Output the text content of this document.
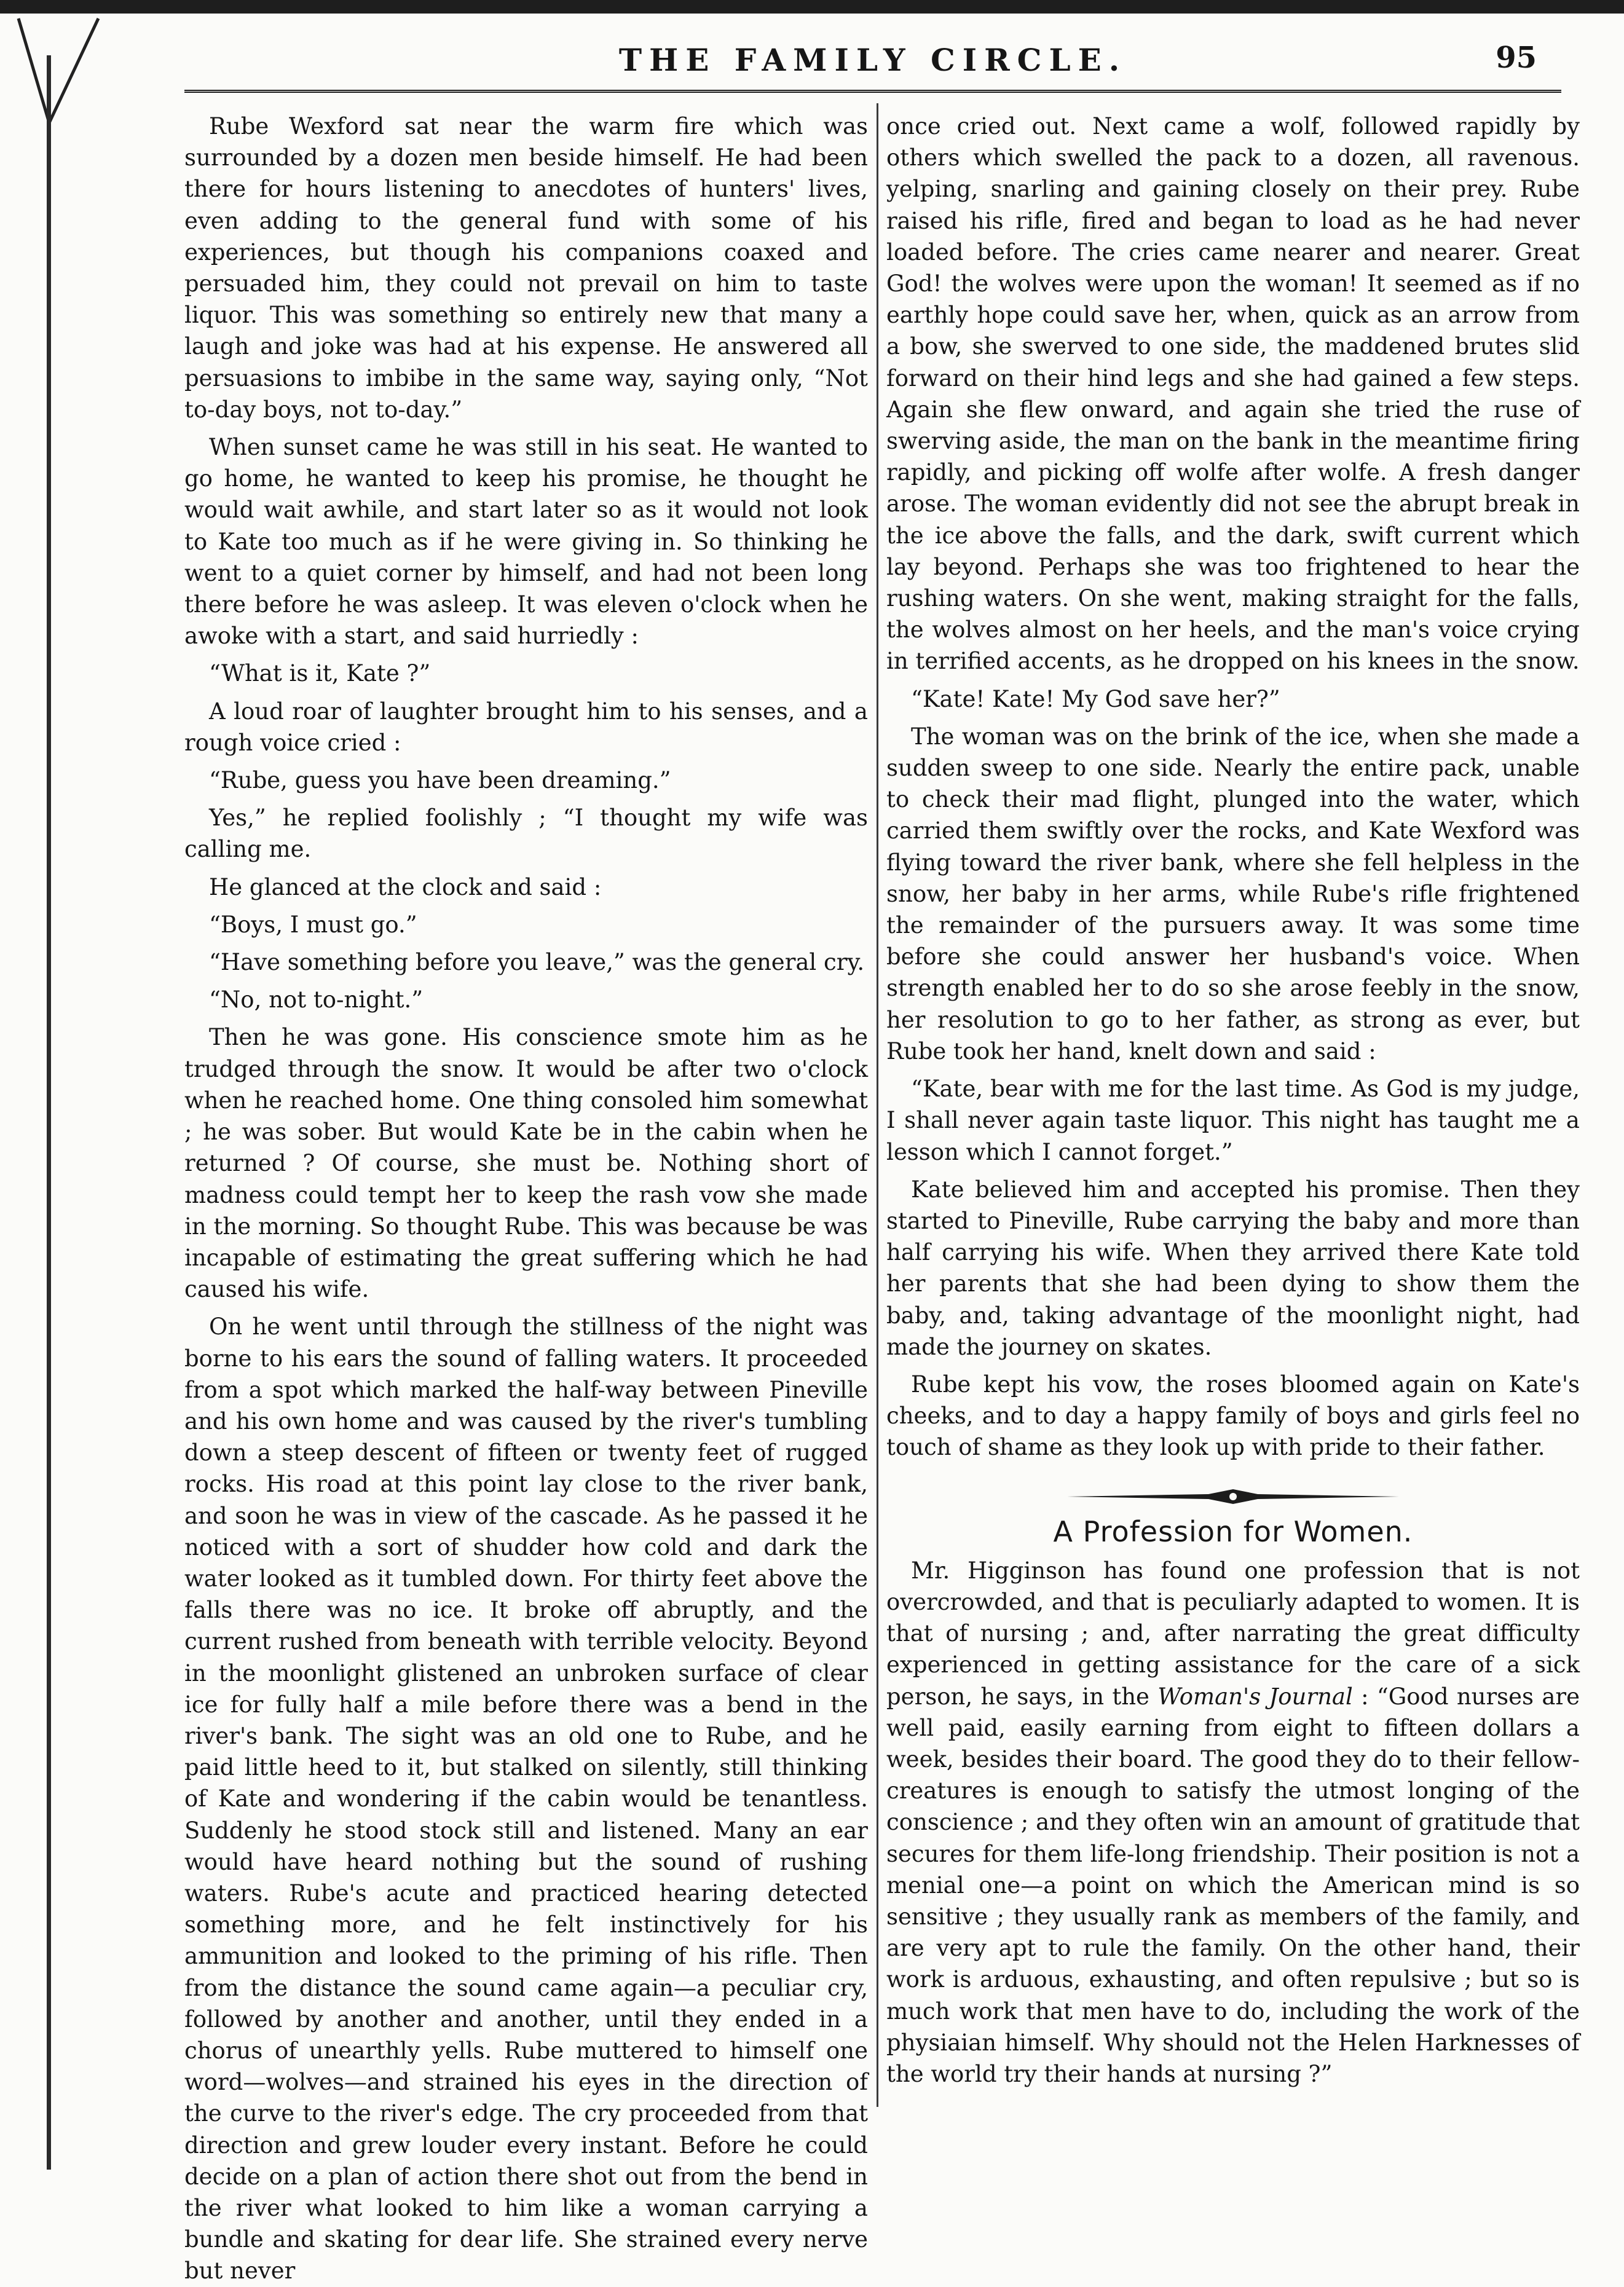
THE FAMILY CIRCLE.	95

Rube Wexford sat near the warm fire which was surrounded by a dozen men beside himself. He had been there for hours listening to anecdotes of hunters' lives, even adding to the general fund with some of his experiences, but though his companions coaxed and persuaded him, they could not prevail on him to taste liquor. This was something so entirely new that many a laugh and joke was had at his expense. He answered all persuasions to imbibe in the same way, saying only, “Not to-day boys, not to-day.”

When sunset came he was still in his seat. He wanted to go home, he wanted to keep his promise, he thought he would wait awhile, and start later so as it would not look to Kate too much as if he were giving in. So thinking he went to a quiet corner by himself, and had not been long there before he was asleep. It was eleven o'clock when he awoke with a start, and said hurriedly :

“What is it, Kate ?”

A loud roar of laughter brought him to his senses, and a rough voice cried :

“Rube, guess you have been dreaming.”

Yes,” he replied foolishly ; “I thought my wife was calling me.

He glanced at the clock and said :

“Boys, I must go.”

“Have something before you leave,” was the general cry.

“No, not to-night.”

Then he was gone. His conscience smote him as he trudged through the snow. It would be after two o'clock when he reached home. One thing consoled him somewhat ; he was sober. But would Kate be in the cabin when he returned ? Of course, she must be. Nothing short of madness could tempt her to keep the rash vow she made in the morning. So thought Rube. This was because be was incapable of estimating the great suffering which he had caused his wife.

On he went until through the stillness of the night was borne to his ears the sound of falling waters. It proceeded from a spot which marked the half-way between Pineville and his own home and was caused by the river's tumbling down a steep descent of fifteen or twenty feet of rugged rocks. His road at this point lay close to the river bank, and soon he was in view of the cascade. As he passed it he noticed with a sort of shudder how cold and dark the water looked as it tumbled down. For thirty feet above the falls there was no ice. It broke off abruptly, and the current rushed from beneath with terrible velocity. Beyond in the moonlight glistened an unbroken surface of clear ice for fully half a mile before there was a bend in the river's bank. The sight was an old one to Rube, and he paid little heed to it, but stalked on silently, still thinking of Kate and wondering if the cabin would be tenantless. Suddenly he stood stock still and listened. Many an ear would have heard nothing but the sound of rushing waters. Rube's acute and practiced hearing detected something more, and he felt instinctively for his ammunition and looked to the priming of his rifle. Then from the distance the sound came again—a peculiar cry, followed by another and another, until they ended in a chorus of unearthly yells. Rube muttered to himself one word—wolves—and strained his eyes in the direction of the curve to the river's edge. The cry proceeded from that direction and grew louder every instant. Before he could decide on a plan of action there shot out from the bend in the river what looked to him like a woman carrying a bundle and skating for dear life. She strained every nerve but never

once cried out. Next came a wolf, followed rapidly by others which swelled the pack to a dozen, all ravenous. yelping, snarling and gaining closely on their prey. Rube raised his rifle, fired and began to load as he had never loaded before. The cries came nearer and nearer. Great God! the wolves were upon the woman! It seemed as if no earthly hope could save her, when, quick as an arrow from a bow, she swerved to one side, the maddened brutes slid forward on their hind legs and she had gained a few steps. Again she flew onward, and again she tried the ruse of swerving aside, the man on the bank in the meantime firing rapidly, and picking off wolfe after wolfe. A fresh danger arose. The woman evidently did not see the abrupt break in the ice above the falls, and the dark, swift current which lay beyond. Perhaps she was too frightened to hear the rushing waters. On she went, making straight for the falls, the wolves almost on her heels, and the man's voice crying in terrified accents, as he dropped on his knees in the snow.

“Kate! Kate! My God save her?”

The woman was on the brink of the ice, when she made a sudden sweep to one side. Nearly the entire pack, unable to check their mad flight, plunged into the water, which carried them swiftly over the rocks, and Kate Wexford was flying toward the river bank, where she fell helpless in the snow, her baby in her arms, while Rube's rifle frightened the remainder of the pursuers away. It was some time before she could answer her husband's voice. When strength enabled her to do so she arose feebly in the snow, her resolution to go to her father, as strong as ever, but Rube took her hand, knelt down and said :

“Kate, bear with me for the last time. As God is my judge, I shall never again taste liquor. This night has taught me a lesson which I cannot forget.”

Kate believed him and accepted his promise. Then they started to Pineville, Rube carrying the baby and more than half carrying his wife. When they arrived there Kate told her parents that she had been dying to show them the baby, and, taking advantage of the moonlight night, had made the journey on skates.

Rube kept his vow, the roses bloomed again on Kate's cheeks, and to day a happy family of boys and girls feel no touch of shame as they look up with pride to their father.

A Profession for Women.

Mr. Higginson has found one profession that is not overcrowded, and that is peculiarly adapted to women. It is that of nursing ; and, after narrating the great difficulty experienced in getting assistance for the care of a sick person, he says, in the Woman's Journal : “Good nurses are well paid, easily earning from eight to fifteen dollars a week, besides their board. The good they do to their fellow-creatures is enough to satisfy the utmost longing of the conscience ; and they often win an amount of gratitude that secures for them life-long friendship. Their position is not a menial one—a point on which the American mind is so sensitive ; they usually rank as members of the family, and are very apt to rule the family. On the other hand, their work is arduous, exhausting, and often repulsive ; but so is much work that men have to do, including the work of the physiaian himself. Why should not the Helen Harknesses of the world try their hands at nursing ?”
